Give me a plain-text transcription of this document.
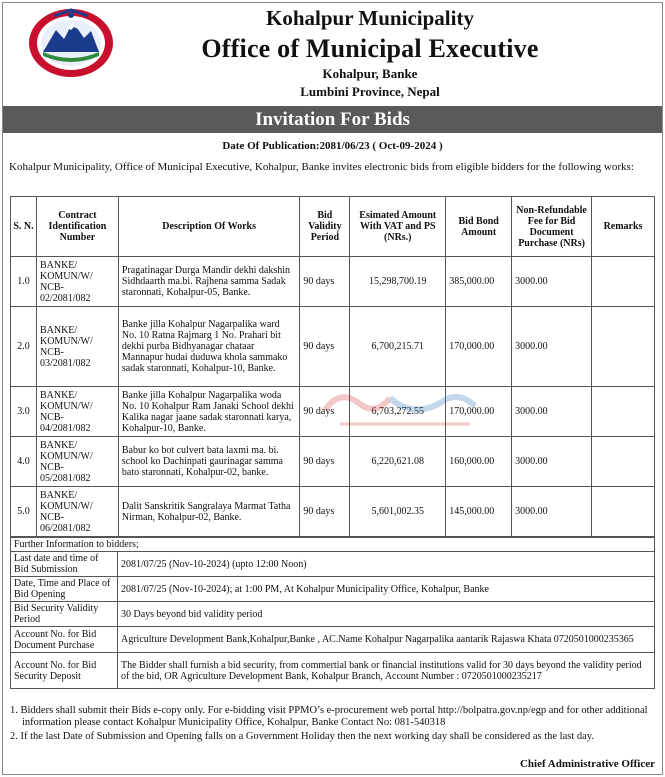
Kohalpur Municipality
Office of Municipal Executive
Kohalpur, Banke
Lumbini Province, Nepal
Invitation For Bids
Date Of Publication:2081/06/23 ( Oct-09-2024 )
Kohalpur Municipality, Office of Municipal Executive, Kohalpur, Banke invites electronic bids from eligible bidders for the following works:
S. N.	Contract Identification Number	Description Of Works	Bid Validity Period	Esimated Amount With VAT and PS (NRs.)	Bid Bond Amount	Non-Refundable Fee for Bid Document Purchase (NRs)	Remarks
1.0	BANKE/ KOMUN/W/ NCB- 02/2081/082	Pragatinagar Durga Mandir dekhi dakshin Sidhdaarth ma.bi. Rajhena samma Sadak staronnati, Kohalpur-05, Banke.	90 days	15,298,700.19	385,000.00	3000.00	
2.0	BANKE/ KOMUN/W/ NCB- 03/2081/082	Banke jilla Kohalpur Nagarpalika ward No. 10 Ratna Rajmarg 1 No. Prahari bit dekhi purba Bidhyanagar chataar Mannapur hudai duduwa khola sammako sadak staronnati, Kohalpur-10, Banke.	90 days	6,700,215.71	170,000.00	3000.00	
3.0	BANKE/ KOMUN/W/ NCB- 04/2081/082	Banke jilla Kohalpur Nagarpalika woda No. 10 Kohalpur Ram Janaki School dekhi Kalika nagar jaane sadak staronnati karya, Kohalpur-10, Banke.	90 days	6,703,272.55	170,000.00	3000.00	
4.0	BANKE/ KOMUN/W/ NCB- 05/2081/082	Babur ko bot culvert bata laxmi ma. bi. school ko Dachinpati gaurinagar samma bato staronnati, Kohalpur-02, banke.	90 days	6,220,621.08	160,000.00	3000.00	
5.0	BANKE/ KOMUN/W/ NCB- 06/2081/082	Dalit Sanskritik Sangralaya Marmat Tatha Nirman, Kohalpur-02, Banke.	90 days	5,601,002.35	145,000.00	3000.00	
Further Information to bidders;	
Last date and time of Bid Submission	2081/07/25 (Nov-10-2024) (upto 12:00 Noon)
Date, Time and Place of Bid Opening	2081/07/25 (Nov-10-2024); at 1:00 PM, At Kohalpur Municipality Office, Kohalpur, Banke
Bid Security Validity Period	30 Days beyond bid validity period
Account No. for Bid Document Purchase	Agriculture Development Bank,Kohalpur,Banke , AC.Name Kohalpur Nagarpalika aantarik Rajaswa Khata 0720501000235365
Account No. for Bid Security Deposit	The Bidder shall furnish a bid security, from commertial bank or financial institutions valid for 30 days beyond the validity period of the bid, OR Agriculture Development Bank, Kohalpur Branch, Account Number : 0720501000235217

1. Bidders shall submit their Bids e-copy only. For e-bidding visit PPMO’s e-procurement web portal http://bolpatra.gov.np/egp and for other additional information please contact Kohalpur Municipality Office, Kohalpur, Banke Contact No: 081-540318

2. If the last Date of Submission and Opening falls on a Government Holiday then the next working day shall be considered as the last day.

Chief Administrative Officer
